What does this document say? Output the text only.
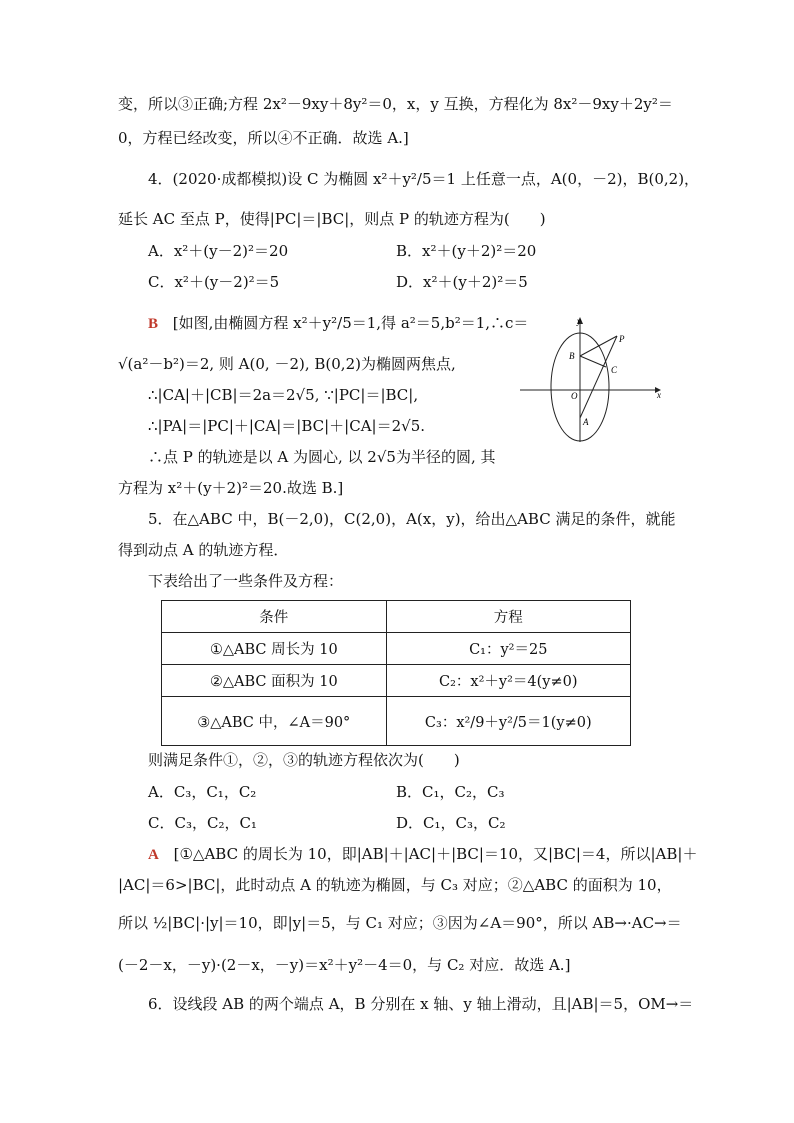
变，所以③正确;方程 2x²－9xy＋8y²＝0，x，y 互换，方程化为 8x²－9xy＋2y²＝
0，方程已经改变，所以④不正确．故选 A.]
4．(2020·成都模拟)设 C 为椭圆 x²＋y²/5＝1 上任意一点，A(0，－2)，B(0,2)，
延长 AC 至点 P，使得|PC|＝|BC|，则点 P 的轨迹方程为(　　)
A．x²＋(y－2)²＝20	B．x²＋(y＋2)²＝20
C．x²＋(y－2)²＝5	D．x²＋(y＋2)²＝5
B [如图,由椭圆方程 x²＋y²/5＝1,得 a²＝5,b²＝1,∴c＝
√(a²－b²)＝2, 则 A(0, －2), B(0,2)为椭圆两焦点,
∴|CA|＋|CB|＝2a＝2√5, ∵|PC|＝|BC|,
∴|PA|＝|PC|＋|CA|＝|BC|＋|CA|＝2√5.
∴点 P 的轨迹是以 A 为圆心, 以 2√5为半径的圆, 其
方程为 x²＋(y＋2)²＝20.故选 B.]
y
x
O
B
A
C
P
5．在△ABC 中，B(－2,0)，C(2,0)，A(x，y)，给出△ABC 满足的条件，就能
得到动点 A 的轨迹方程．
下表给出了一些条件及方程：
条件	方程
①△ABC 周长为 10	C₁：y²＝25
②△ABC 面积为 10	C₂：x²＋y²＝4(y≠0)
③△ABC 中，∠A＝90°	C₃：x²/9＋y²/5＝1(y≠0)
则满足条件①，②，③的轨迹方程依次为(　　)
A．C₃，C₁，C₂	B．C₁，C₂，C₃
C．C₃，C₂，C₁	D．C₁，C₃，C₂
A [①△ABC 的周长为 10，即|AB|＋|AC|＋|BC|＝10，又|BC|＝4，所以|AB|＋
|AC|＝6>|BC|，此时动点 A 的轨迹为椭圆，与 C₃ 对应；②△ABC 的面积为 10，
所以 ½|BC|·|y|＝10，即|y|＝5，与 C₁ 对应；③因为∠A＝90°，所以 AB→·AC→＝
(－2－x，－y)·(2－x，－y)＝x²＋y²－4＝0，与 C₂ 对应．故选 A.]
6．设线段 AB 的两个端点 A，B 分别在 x 轴、y 轴上滑动，且|AB|＝5，OM→＝
